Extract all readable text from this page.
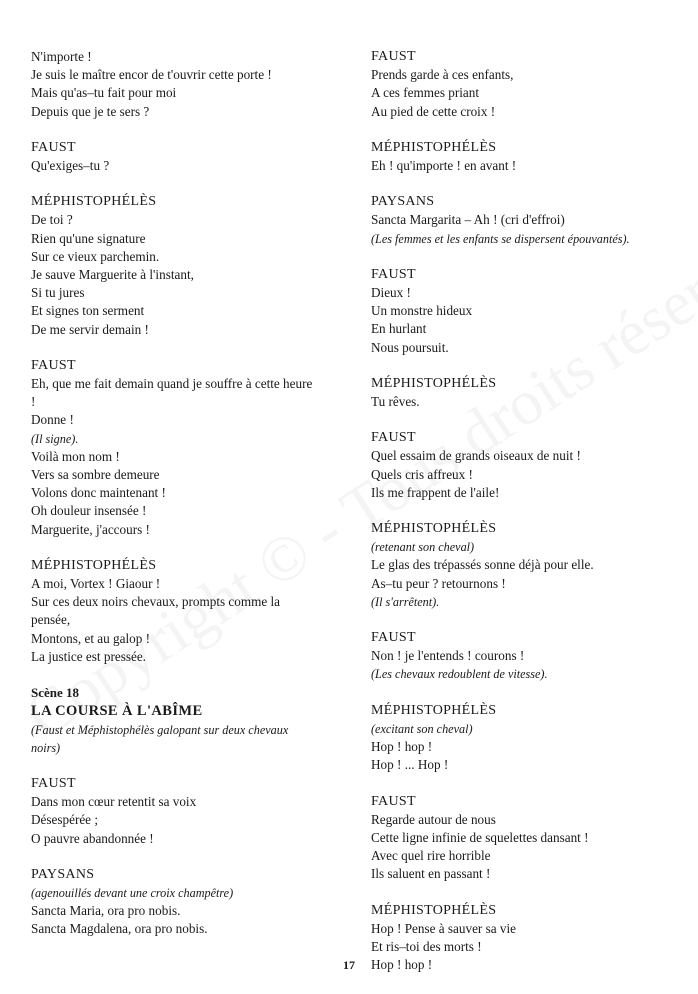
N'importe !
Je suis le maître encor de t'ouvrir cette porte !
Mais qu'as–tu fait pour moi
Depuis que je te sers ?
FAUST
Qu'exiges–tu ?
MÉPHISTOPHÉLÈS
De toi ?
Rien qu'une signature
Sur ce vieux parchemin.
Je sauve Marguerite à l'instant,
Si tu jures
Et signes ton serment
De me servir demain !
FAUST
Eh, que me fait demain quand je souffre à cette heure !
Donne !
(Il signe).
Voilà mon nom !
Vers sa sombre demeure
Volons donc maintenant !
Oh douleur insensée !
Marguerite, j'accours !
MÉPHISTOPHÉLÈS
A moi, Vortex ! Giaour !
Sur ces deux noirs chevaux, prompts comme la pensée,
Montons, et au galop !
La justice est pressée.
Scène 18
LA COURSE À L'ABÎME
(Faust et Méphistophélès galopant sur deux chevaux noirs)
FAUST
Dans mon cœur retentit sa voix
Désespérée ;
O pauvre abandonnée !
PAYSANS
(agenouillés devant une croix champêtre)
Sancta Maria, ora pro nobis.
Sancta Magdalena, ora pro nobis.
FAUST
Prends garde à ces enfants,
A ces femmes priant
Au pied de cette croix !
MÉPHISTOPHÉLÈS
Eh ! qu'importe ! en avant !
PAYSANS
Sancta Margarita – Ah ! (cri d'effroi)
(Les femmes et les enfants se dispersent épouvantés).
FAUST
Dieux !
Un monstre hideux
En hurlant
Nous poursuit.
MÉPHISTOPHÉLÈS
Tu rêves.
FAUST
Quel essaim de grands oiseaux de nuit !
Quels cris affreux !
Ils me frappent de l'aile!
MÉPHISTOPHÉLÈS
(retenant son cheval)
Le glas des trépassés sonne déjà pour elle.
As–tu peur ? retournons !
(Il s'arrêtent).
FAUST
Non ! je l'entends ! courons !
(Les chevaux redoublent de vitesse).
MÉPHISTOPHÉLÈS
(excitant son cheval)
Hop ! hop !
Hop ! ... Hop !
FAUST
Regarde autour de nous
Cette ligne infinie de squelettes dansant !
Avec quel rire horrible
Ils saluent en passant !
MÉPHISTOPHÉLÈS
Hop ! Pense à sauver sa vie
Et ris–toi des morts !
Hop ! hop !
17
